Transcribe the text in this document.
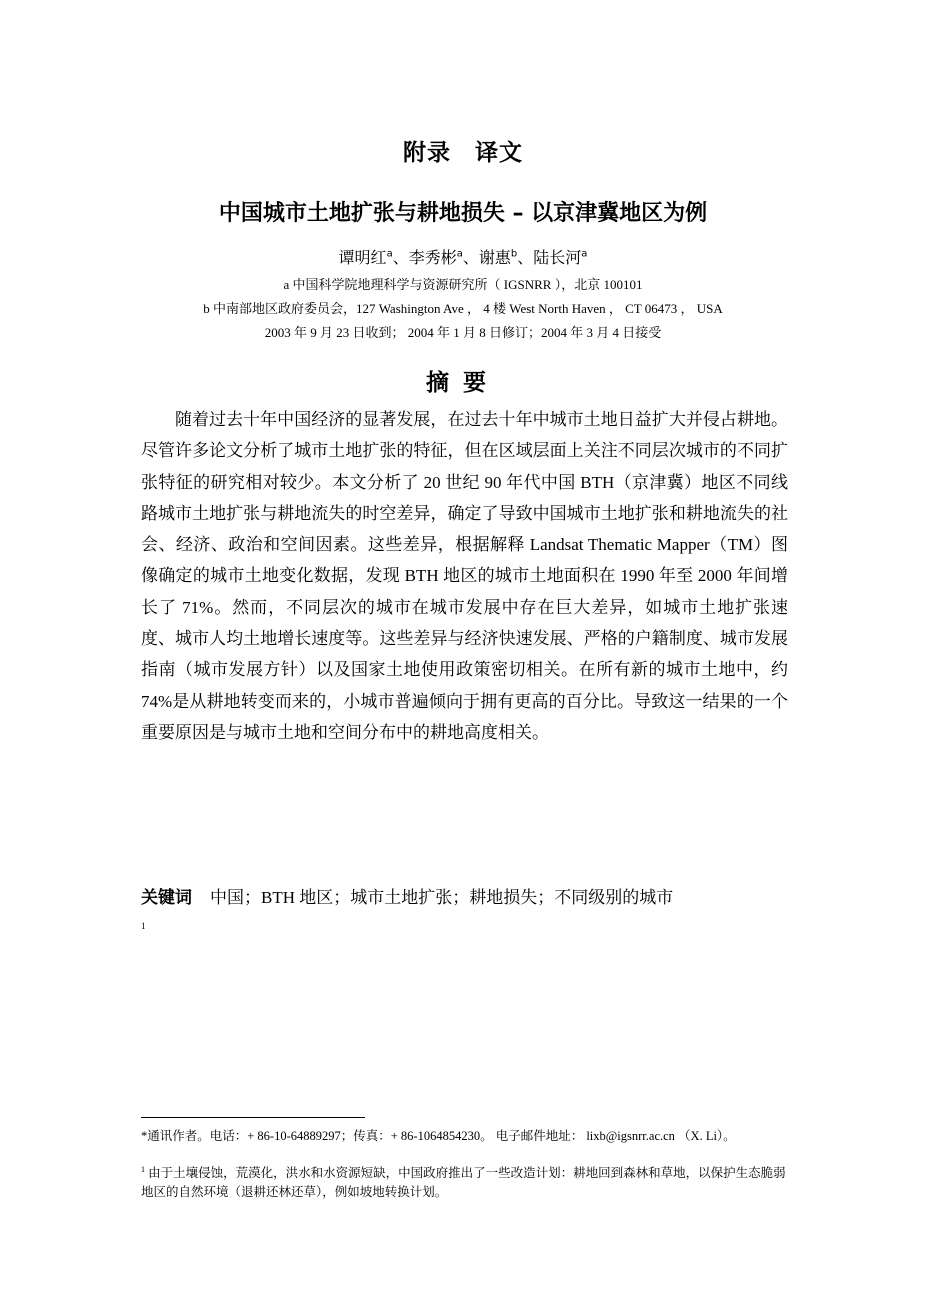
附录　译文
中国城市土地扩张与耕地损失 – 以京津冀地区为例
谭明红$^a$、李秀彬$^a$、谢惠$^b$、陆长河$^a$
a 中国科学院地理科学与资源研究所（ IGSNRR ），北京 100101
b 中南部地区政府委员会，127 Washington Ave ， 4 楼 West North Haven ， CT 06473 ， USA
2003 年 9 月 23 日收到； 2004 年 1 月 8 日修订；2004 年 3 月 4 日接受
摘要
随着过去十年中国经济的显著发展，在过去十年中城市土地日益扩大并侵占耕地。尽管许多论文分析了城市土地扩张的特征，但在区域层面上关注不同层次城市的不同扩张特征的研究相对较少。本文分析了 20 世纪 90 年代中国 BTH（京津冀）地区不同线路城市土地扩张与耕地流失的时空差异，确定了导致中国城市土地扩张和耕地流失的社会、经济、政治和空间因素。这些差异，根据解释 Landsat Thematic Mapper（TM）图像确定的城市土地变化数据，发现 BTH 地区的城市土地面积在 1990 年至 2000 年间增长了 71%。然而，不同层次的城市在城市发展中存在巨大差异，如城市土地扩张速度、城市人均土地增长速度等。这些差异与经济快速发展、严格的户籍制度、城市发展指南（城市发展方针）以及国家土地使用政策密切相关。在所有新的城市土地中，约 74%是从耕地转变而来的，小城市普遍倾向于拥有更高的百分比。导致这一结果的一个重要原因是与城市土地和空间分布中的耕地高度相关。
关键词 中国；BTH 地区；城市土地扩张；耕地损失；不同级别的城市
1
*通讯作者。电话：+ 86-10-64889297；传真：+ 86-1064854230。 电子邮件地址： lixb@igsnrr.ac.cn （X. Li）。
$^1$ 由于土壤侵蚀，荒漠化，洪水和水资源短缺，中国政府推出了一些改造计划：耕地回到森林和草地，以保护生态脆弱地区的自然环境（退耕还林还草），例如坡地转换计划。
